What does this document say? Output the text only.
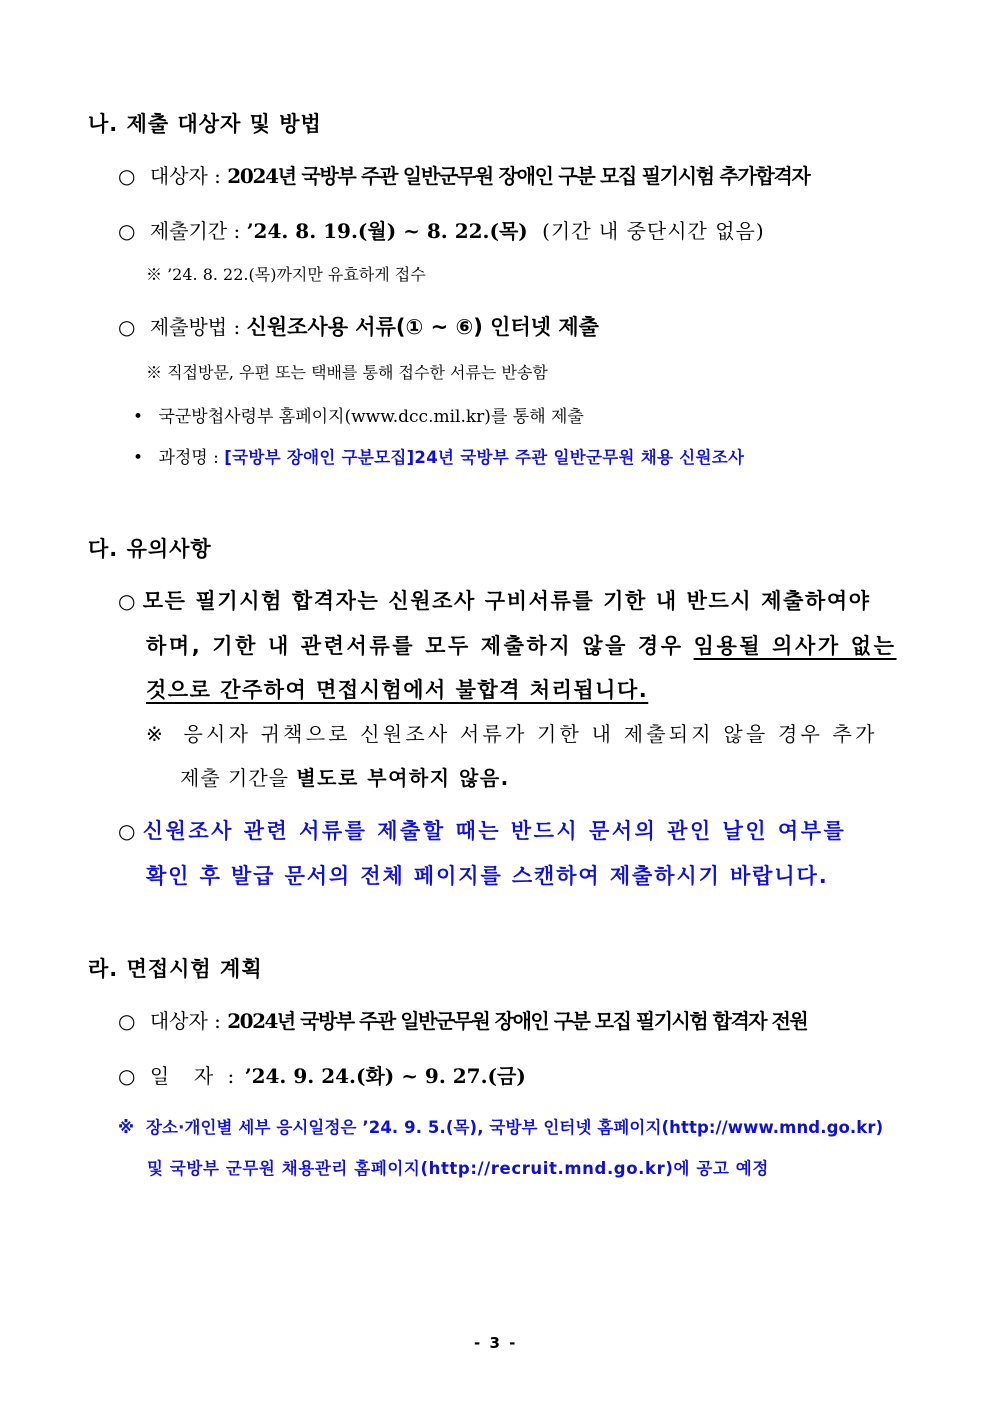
나. 제출 대상자 및 방법
○ 대상자 : 2024년 국방부 주관 일반군무원 장애인 구분 모집 필기시험 추가합격자
○ 제출기간 : ’24. 8. 19.(월) ~ 8. 22.(목) (기간 내 중단시간 없음)
※ ’24. 8. 22.(목)까지만 유효하게 접수
○ 제출방법 : 신원조사용 서류(① ~ ⑥) 인터넷 제출
※ 직접방문, 우편 또는 택배를 통해 접수한 서류는 반송함
• 국군방첩사령부 홈페이지(www.dcc.mil.kr)를 통해 제출
• 과정명 : [국방부 장애인 구분모집]24년 국방부 주관 일반군무원 채용 신원조사
다. 유의사항
○ 모든 필기시험 합격자는 신원조사 구비서류를 기한 내 반드시 제출하여야
하며, 기한 내 관련서류를 모두 제출하지 않을 경우 임용될 의사가 없는
것으로 간주하여 면접시험에서 불합격 처리됩니다.
※ 응시자 귀책으로 신원조사 서류가 기한 내 제출되지 않을 경우 추가
제출 기간을 별도로 부여하지 않음.
○ 신원조사 관련 서류를 제출할 때는 반드시 문서의 관인 날인 여부를
확인 후 발급 문서의 전체 페이지를 스캔하여 제출하시기 바랍니다.
라. 면접시험 계획
○ 대상자 : 2024년 국방부 주관 일반군무원 장애인 구분 모집 필기시험 합격자 전원
○ 일  자 : ’24. 9. 24.(화) ~ 9. 27.(금)
※ 장소·개인별 세부 응시일정은 ’24. 9. 5.(목), 국방부 인터넷 홈페이지(http://www.mnd.go.kr)
및 국방부 군무원 채용관리 홈페이지(http://recruit.mnd.go.kr)에 공고 예정
- 3 -
